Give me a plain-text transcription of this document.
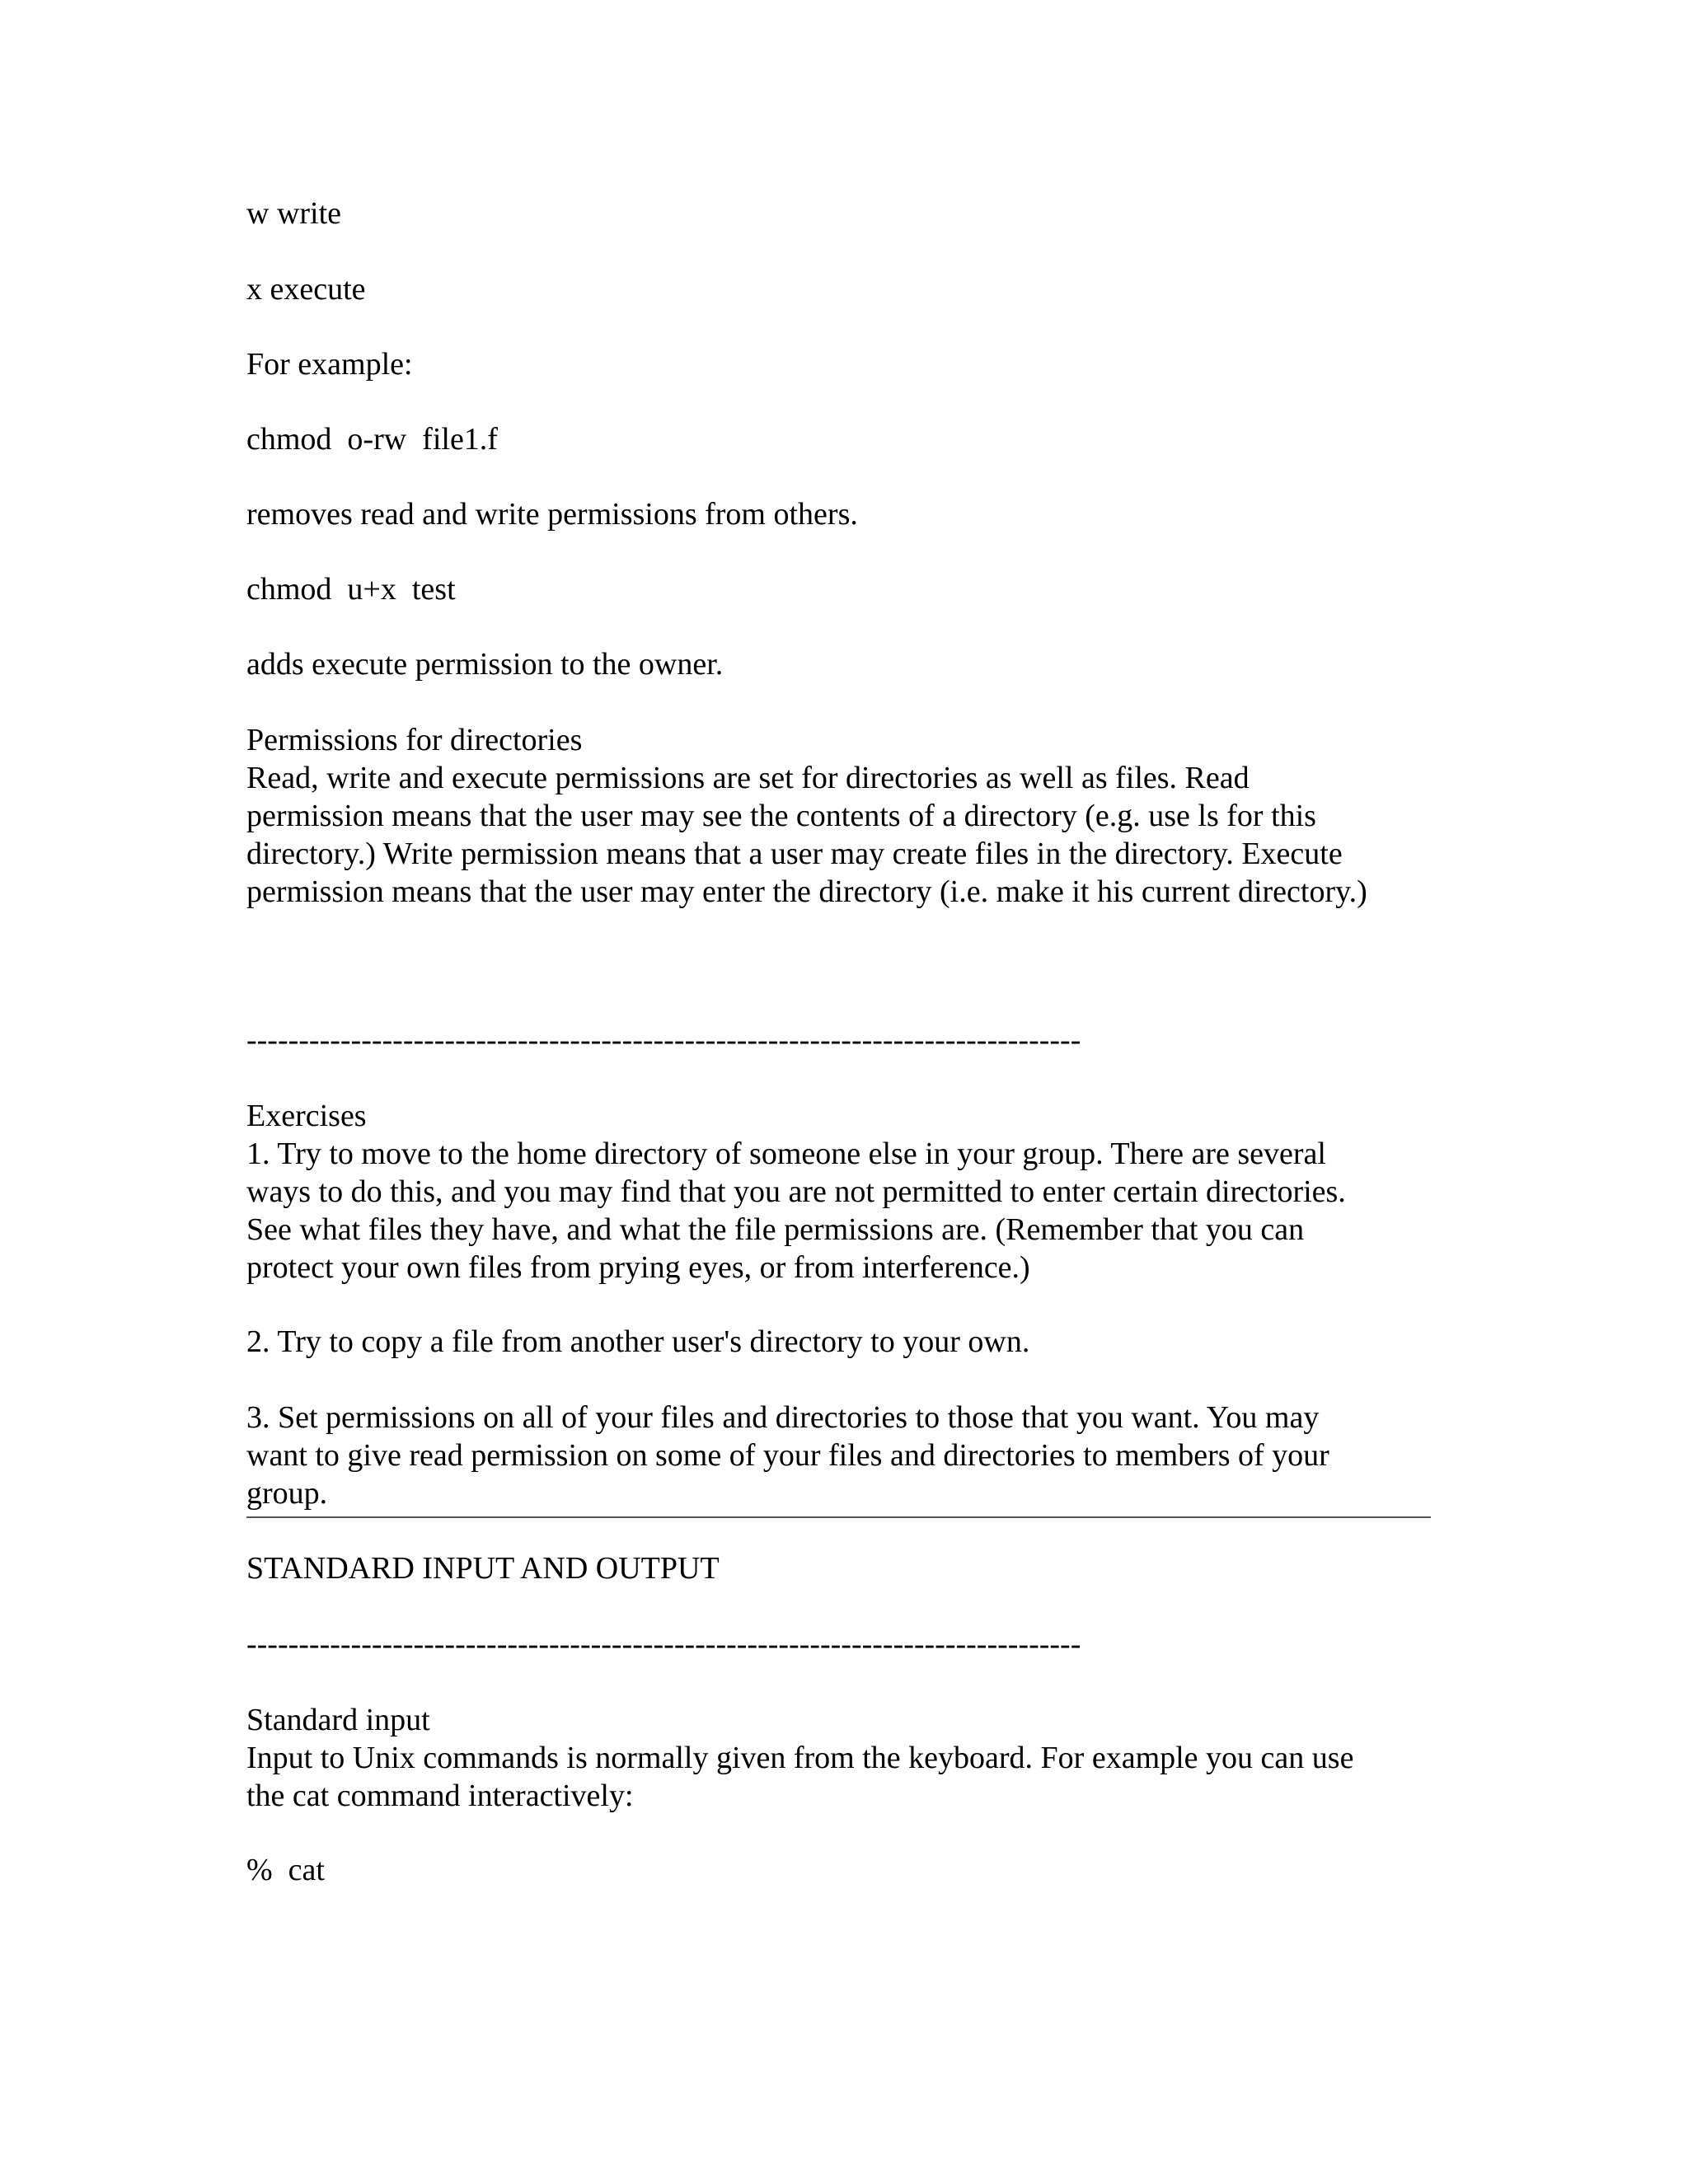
w write

x execute

For example:

chmod  o-rw  file1.f

removes read and write permissions from others.

chmod  u+x  test

adds execute permission to the owner.

Permissions for directories

Read, write and execute permissions are set for directories as well as files. Read
permission means that the user may see the contents of a directory (e.g. use ls for this
directory.) Write permission means that a user may create files in the directory. Execute
permission means that the user may enter the directory (i.e. make it his current directory.)

--------------------------------------------------------------------------------

Exercises

1. Try to move to the home directory of someone else in your group. There are several
ways to do this, and you may find that you are not permitted to enter certain directories.
See what files they have, and what the file permissions are. (Remember that you can
protect your own files from prying eyes, or from interference.)

2. Try to copy a file from another user's directory to your own.

3. Set permissions on all of your files and directories to those that you want. You may
want to give read permission on some of your files and directories to members of your
group.

STANDARD INPUT AND OUTPUT

--------------------------------------------------------------------------------

Standard input

Input to Unix commands is normally given from the keyboard. For example you can use
the cat command interactively:

%  cat
